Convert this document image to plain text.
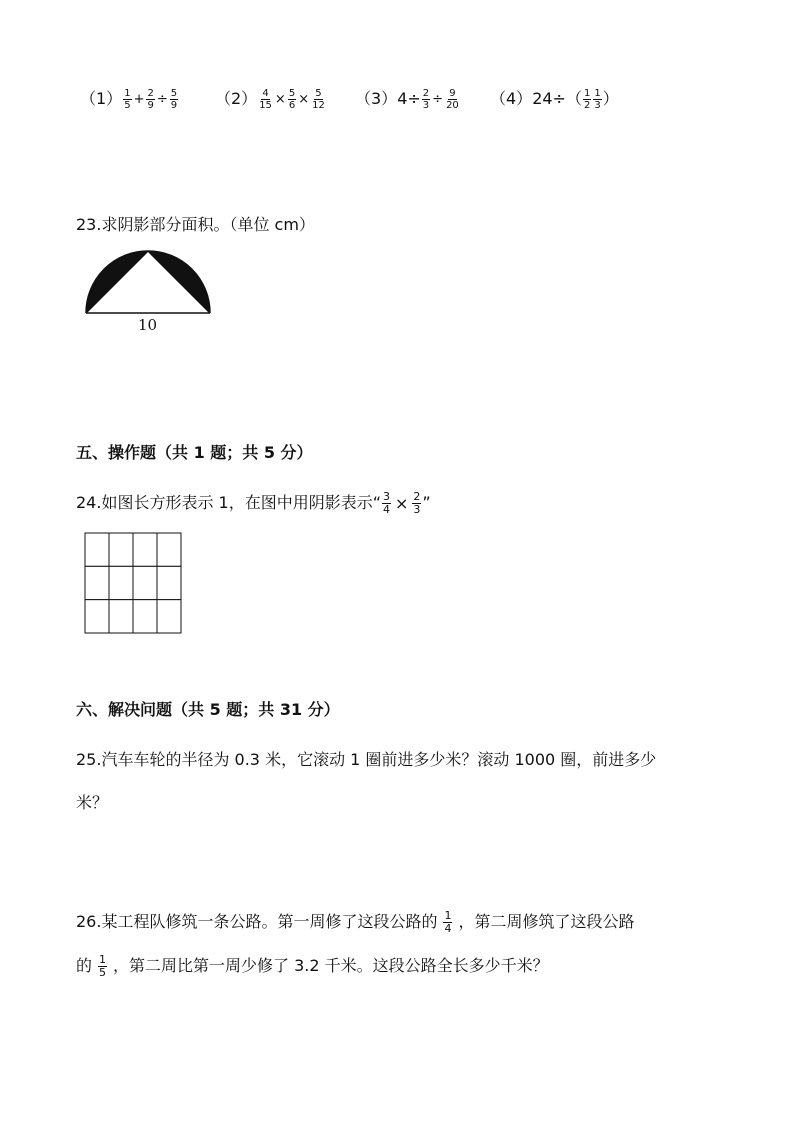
$(1) \frac{1}{5} + \frac{2}{9} \div \frac{5}{9} (2) \frac{4}{15} \times \frac{5}{6} \times \frac{5}{12} (3)4\div \frac{2}{3} \div \frac{9}{20} (4)24\div( \frac{1}{2} \frac{1}{3}$ ）
23.求阴影部分面积。（单位 cm）
10
五、操作题（共 1 题；共 5 分）
24.如图长方形表示 1，在图中用阴影表示“ $\frac{3}{4} \times \frac{2}{3}$ ”
六、解决问题（共 5 题；共 31 分）
25.汽车车轮的半径为 0.3 米，它滚动 1 圈前进多少米？滚动 1000 圈，前进多少
米？
26.某工程队修筑一条公路。第一周修了这段公路的 $\frac{1}{4}$ ，第二周修筑了这段公路
的 $\frac{1}{5}$ ，第二周比第一周少修了 3.2 千米。这段公路全长多少千米？
